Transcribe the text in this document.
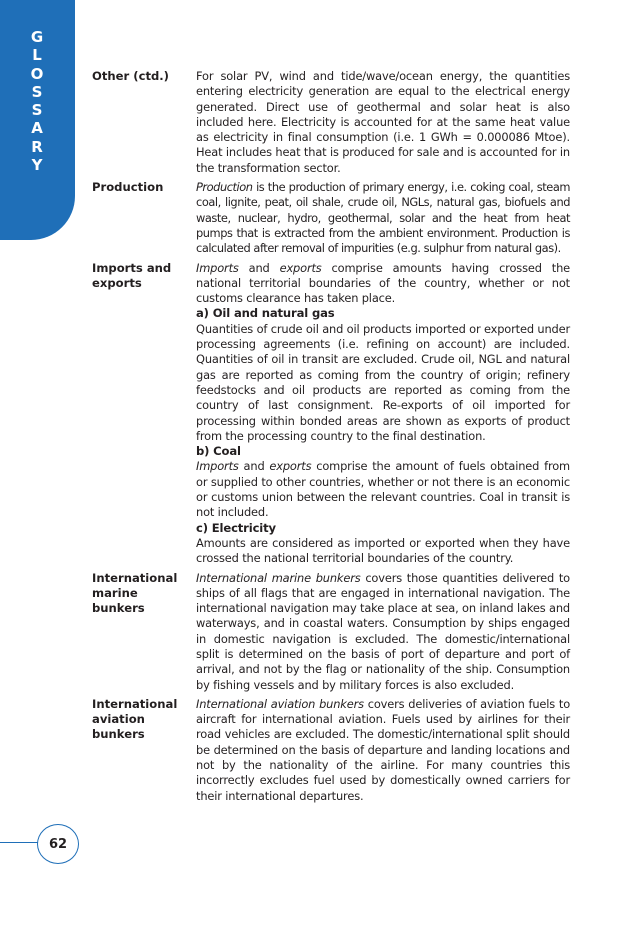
G
L
O
S
S
A
R
Y
Other (ctd.)	For solar PV, wind and tide/wave/ocean energy, the quantities entering electricity generation are equal to the electrical energy generated. Direct use of geothermal and solar heat is also included here. Electricity is accounted for at the same heat value as electricity in final consumption (i.e. 1 GWh = 0.000086 Mtoe). Heat includes heat that is produced for sale and is accounted for in the transformation sector.

Production	Production is the production of primary energy, i.e. coking coal, steam coal, lignite, peat, oil shale, crude oil, NGLs, natural gas, biofuels and waste, nuclear, hydro, geothermal, solar and the heat from heat pumps that is extracted from the ambient environment. Production is calculated after removal of impurities (e.g. sulphur from natural gas).

Imports and
exports

Imports and exports comprise amounts having crossed the national territorial boundaries of the country, whether or not customs clearance has taken place.

a) Oil and natural gas

Quantities of crude oil and oil products imported or exported under processing agreements (i.e. refining on account) are included. Quantities of oil in transit are excluded. Crude oil, NGL and natural gas are reported as coming from the country of origin; refinery feedstocks and oil products are reported as coming from the country of last consignment. Re-exports of oil imported for processing within bonded areas are shown as exports of product from the processing country to the final destination.

b) Coal

Imports and exports comprise the amount of fuels obtained from or supplied to other countries, whether or not there is an economic or customs union between the relevant countries. Coal in transit is not included.

c) Electricity

Amounts are considered as imported or exported when they have crossed the national territorial boundaries of the country.

International
marine
bunkers

International marine bunkers covers those quantities delivered to ships of all flags that are engaged in international navigation. The international navigation may take place at sea, on inland lakes and waterways, and in coastal waters. Consumption by ships engaged in domestic navigation is excluded. The domestic/international split is determined on the basis of port of departure and port of arrival, and not by the flag or nationality of the ship. Consumption by fishing vessels and by military forces is also excluded.

International
aviation
bunkers

International aviation bunkers covers deliveries of aviation fuels to aircraft for international aviation. Fuels used by airlines for their road vehicles are excluded. The domestic/international split should be determined on the basis of departure and landing locations and not by the nationality of the airline. For many countries this incorrectly excludes fuel used by domestically owned carriers for their international departures.

62
